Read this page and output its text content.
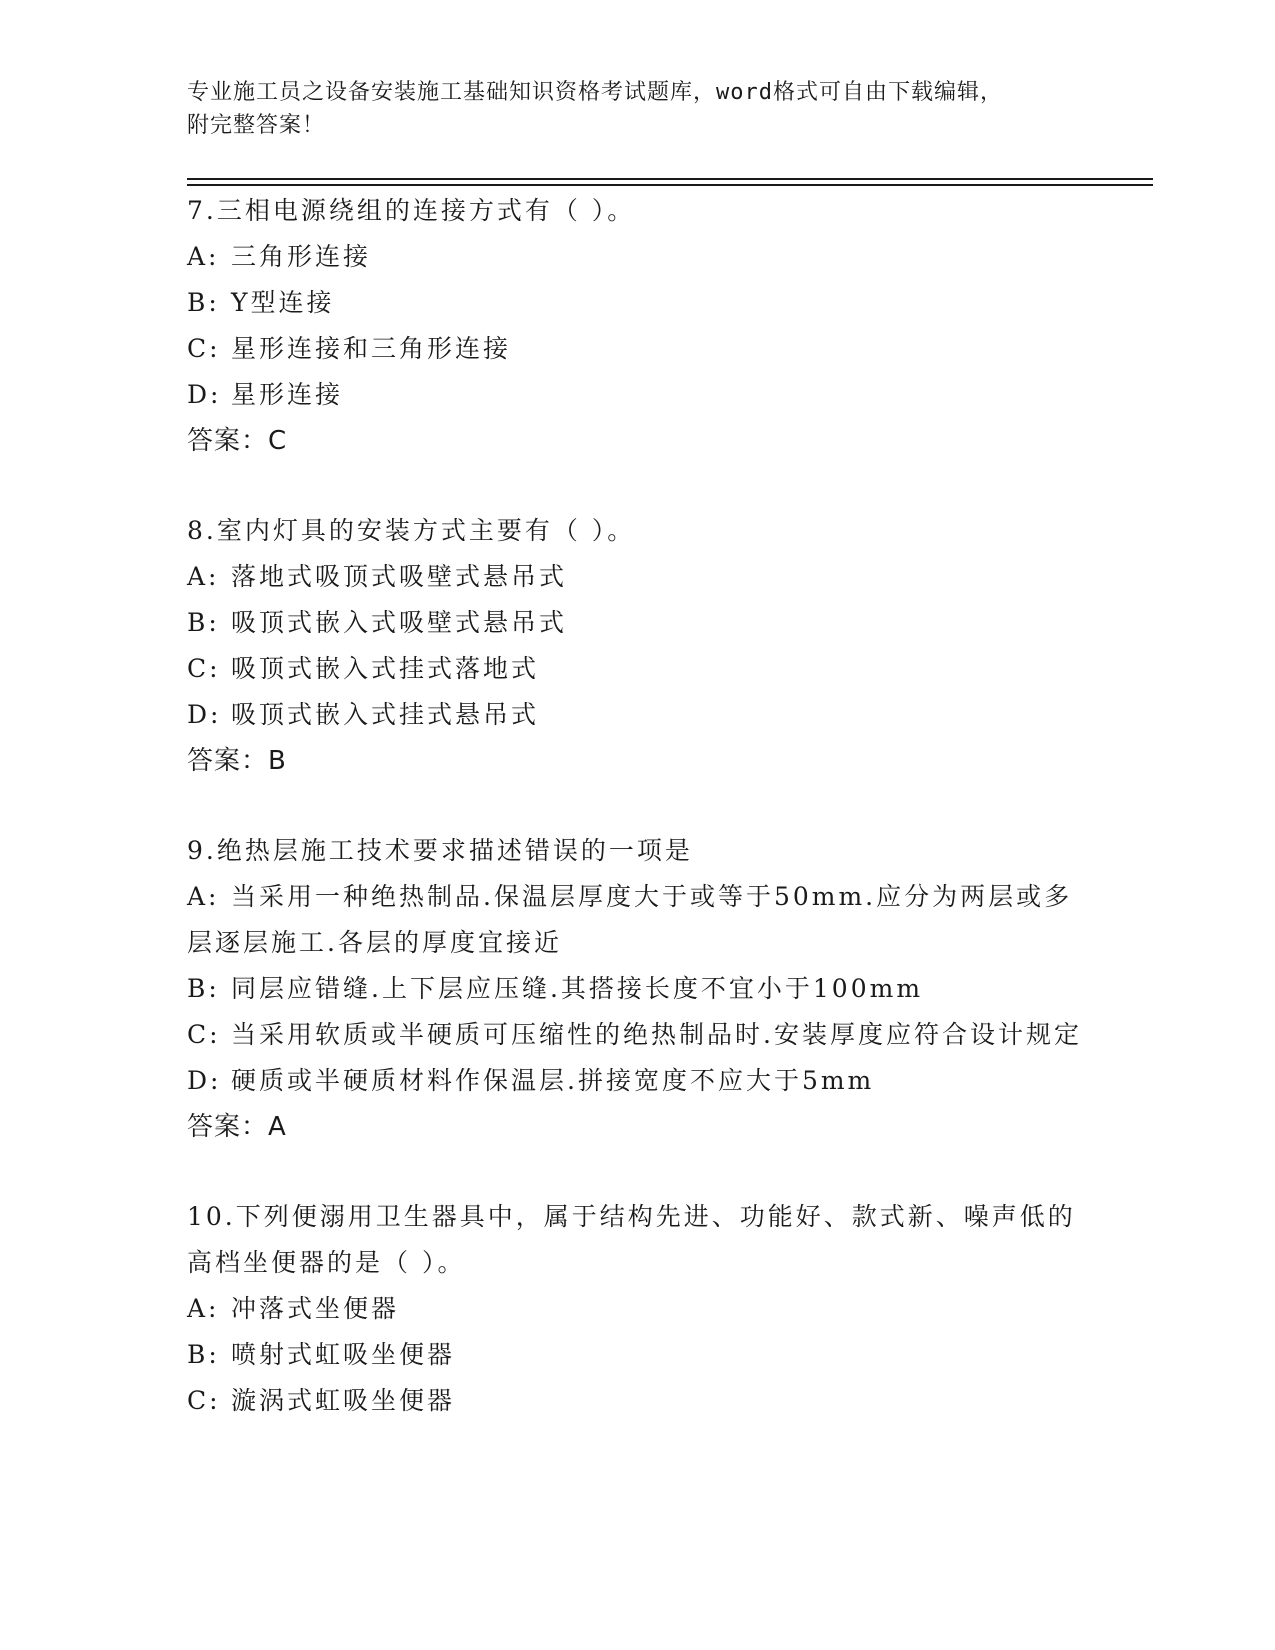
专业施工员之设备安装施工基础知识资格考试题库，word格式可自由下载编辑，
附完整答案！
7.三相电源绕组的连接方式有（ ）。
A: 三角形连接
B: Y型连接
C: 星形连接和三角形连接
D: 星形连接
答案：C
8.室内灯具的安装方式主要有（ ）。
A: 落地式吸顶式吸壁式悬吊式
B: 吸顶式嵌入式吸壁式悬吊式
C: 吸顶式嵌入式挂式落地式
D: 吸顶式嵌入式挂式悬吊式
答案：B
9.绝热层施工技术要求描述错误的一项是
A: 当采用一种绝热制品.保温层厚度大于或等于50mm.应分为两层或多层逐层施工.各层的厚度宜接近
B: 同层应错缝.上下层应压缝.其搭接长度不宜小于100mm
C: 当采用软质或半硬质可压缩性的绝热制品时.安装厚度应符合设计规定
D: 硬质或半硬质材料作保温层.拼接宽度不应大于5mm
答案：A
10.下列便溺用卫生器具中，属于结构先进、功能好、款式新、噪声低的高档坐便器的是（ ）。
A: 冲落式坐便器
B: 喷射式虹吸坐便器
C: 漩涡式虹吸坐便器
